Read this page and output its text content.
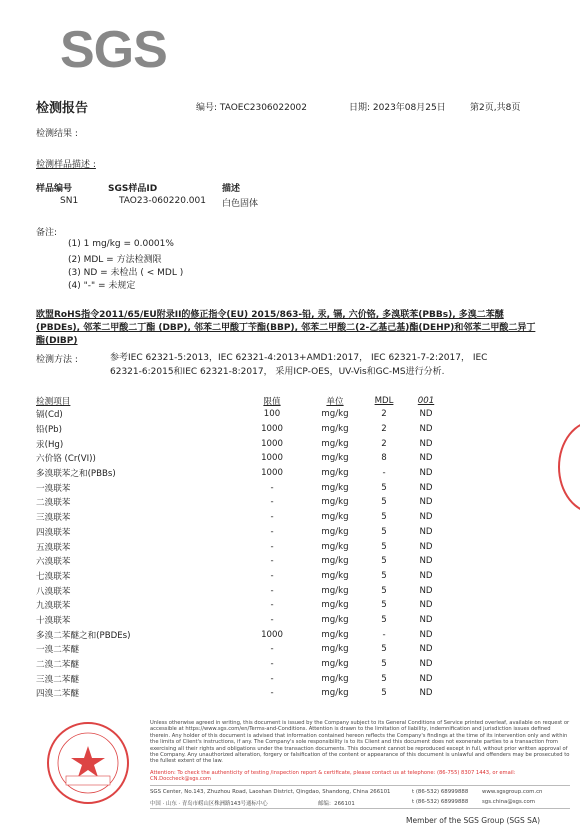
SGS
检测报告	编号: TAOEC2306022002	日期: 2023年08月25日	第2页,共8页
检测结果 :
检测样品描述 :
样品编号	SGS样品ID	描述
SN1	TAO23-060220.001 白色固体
备注:
(1) 1 mg/kg = 0.0001%
(2) MDL = 方法检测限
(3) ND = 未检出 ( < MDL )
(4) "-" = 未规定
欧盟RoHS指令2011/65/EU附录II的修正指令(EU) 2015/863-铅, 汞, 镉, 六价铬, 多溴联苯(PBBs), 多溴二苯醚(PBDEs), 邻苯二甲酸二丁酯 (DBP), 邻苯二甲酸丁苄酯(BBP), 邻苯二甲酸二(2-乙基己基)酯(DEHP)和邻苯二甲酸二异丁酯(DIBP)
检测方法 :	参考IEC 62321-5:2013，IEC 62321-4:2013+AMD1:2017， IEC 62321-7-2:2017， IEC 62321-6:2015和IEC 62321-8:2017， 采用ICP-OES，UV-Vis和GC-MS进行分析.
检测项目	限值	单位	MDL	001
镉(Cd)	100	mg/kg	2	ND
铅(Pb)	1000	mg/kg	2	ND
汞(Hg)	1000	mg/kg	2	ND
六价铬 (Cr(VI))	1000	mg/kg	8	ND
多溴联苯之和(PBBs)	1000	mg/kg	-	ND
一溴联苯	-	mg/kg	5	ND
二溴联苯	-	mg/kg	5	ND
三溴联苯	-	mg/kg	5	ND
四溴联苯	-	mg/kg	5	ND
五溴联苯	-	mg/kg	5	ND
六溴联苯	-	mg/kg	5	ND
七溴联苯	-	mg/kg	5	ND
八溴联苯	-	mg/kg	5	ND
九溴联苯	-	mg/kg	5	ND
十溴联苯	-	mg/kg	5	ND
多溴二苯醚之和(PBDEs)	1000	mg/kg	-	ND
一溴二苯醚	-	mg/kg	5	ND
二溴二苯醚	-	mg/kg	5	ND
三溴二苯醚	-	mg/kg	5	ND
四溴二苯醚	-	mg/kg	5	ND
Unless otherwise agreed in writing, this document is issued by the Company subject to its General Conditions of Service printed overleaf, available on request or accessible at https://www.sgs.com/en/Terms-and-Conditions. Attention is drawn to the limitation of liability, indemnification and jurisdiction issues defined therein. Any holder of this document is advised that information contained hereon reflects the Company's findings at the time of its intervention only and within the limits of Client's instructions, if any. The Company's sole responsibility is to its Client and this document does not exonerate parties to a transaction from exercising all their rights and obligations under the transaction documents. This document cannot be reproduced except in full, without prior written approval of the Company. Any unauthorized alteration, forgery or falsification of the content or appearance of this document is unlawful and offenders may be prosecuted to the fullest extent of the law.
Attention: To check the authenticity of testing /inspection report & certificate, please contact us at telephone: (86-755) 8307 1443, or email: CN.Doccheck@sgs.com
SGS Center, No.143, Zhuzhou Road, Laoshan District, Qingdao, Shandong, China 266101	t (86-532) 68999888	www.sgsgroup.com.cn
中国 · 山东 · 青岛市崂山区株洲路143号通标中心	邮编：266101	t (86-532) 68999888	sgs.china@sgs.com
Member of the SGS Group (SGS SA)
